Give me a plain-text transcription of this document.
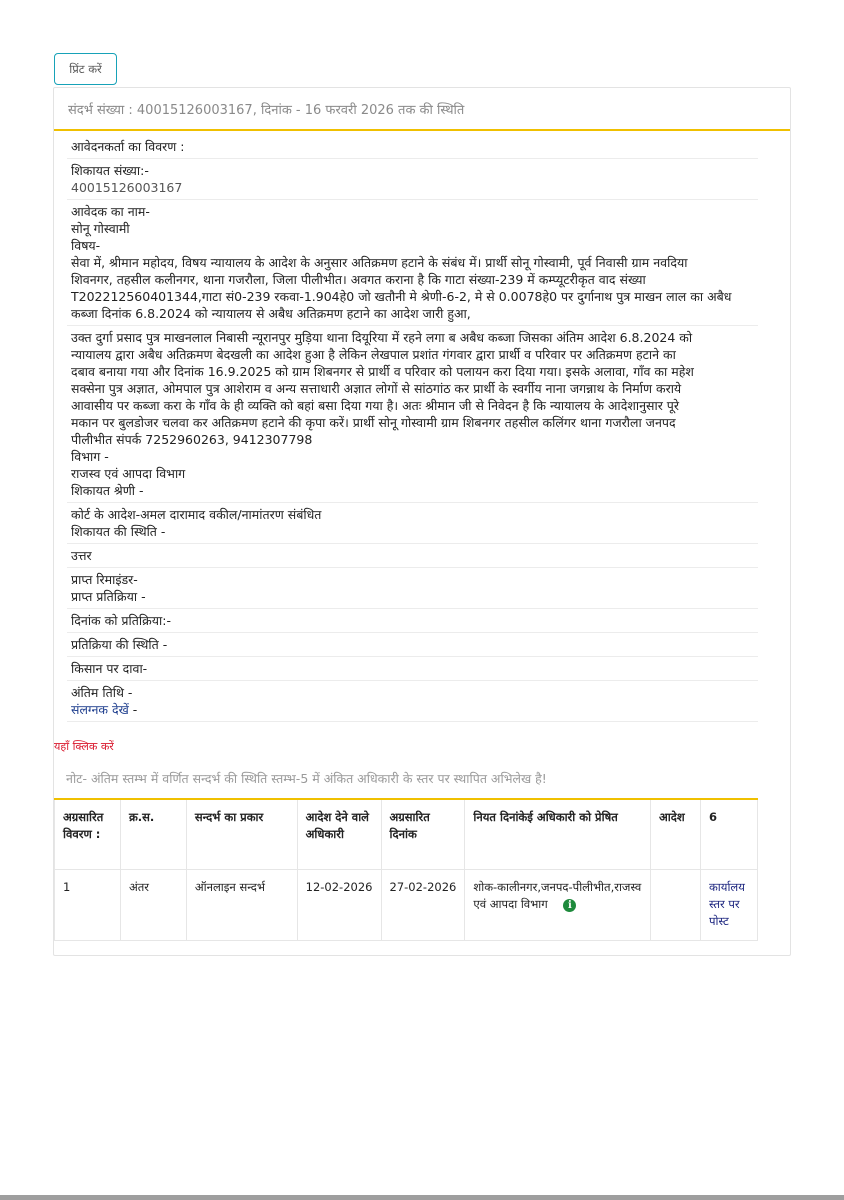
प्रिंट करें
संदर्भ संख्या : 40015126003167, दिनांक - 16 फरवरी 2026 तक की स्थिति
आवेदनकर्ता का विवरण :
शिकायत संख्या:-
40015126003167
आवेदक का नाम-
सोनू गोस्वामी
विषय-
सेवा में, श्रीमान महोदय, विषय न्यायालय के आदेश के अनुसार अतिक्रमण हटाने के संबंध में। प्रार्थी सोनू गोस्वामी, पूर्व निवासी ग्राम नवदिया
शिवनगर, तहसील कलीनगर, थाना गजरौला, जिला पीलीभीत। अवगत कराना है कि गाटा संख्या-239 में कम्प्यूटरीकृत वाद संख्या
T202212560401344,गाटा सं0-239 रकवा-1.904हे0 जो खतौनी मे श्रेणी-6-2, मे से 0.0078हे0 पर दुर्गानाथ पुत्र माखन लाल का अबैध
कब्जा दिनांक 6.8.2024 को न्यायालय से अबैध अतिक्रमण हटाने का आदेश जारी हुआ,
उक्त दुर्गा प्रसाद पुत्र माखनलाल निबासी न्यूरानपुर मुड़िया थाना दियूरिया में रहने लगा ब अबैध कब्जा जिसका अंतिम आदेश 6.8.2024 को
न्यायालय द्वारा अबैध अतिक्रमण बेदखली का आदेश हुआ है लेकिन लेखपाल प्रशांत गंगवार द्वारा प्रार्थी व परिवार पर अतिक्रमण हटाने का
दबाव बनाया गया और दिनांक 16.9.2025 को ग्राम शिबनगर से प्रार्थी व परिवार को पलायन करा दिया गया। इसके अलावा, गाँव का महेश
सक्सेना पुत्र अज्ञात, ओमपाल पुत्र आशेराम व अन्य सत्ताधारी अज्ञात लोगों से सांठगांठ कर प्रार्थी के स्वर्गीय नाना जगन्नाथ के निर्माण कराये
आवासीय पर कब्जा करा के गाँव के ही व्यक्ति को बहां बसा दिया गया है। अतः श्रीमान जी से निवेदन है कि न्यायालय के आदेशानुसार पूरे
मकान पर बुलडोजर चलवा कर अतिक्रमण हटाने की कृपा करें। प्रार्थी सोनू गोस्वामी ग्राम शिबनगर तहसील कलिंगर थाना गजरौला जनपद
पीलीभीत संपर्क 7252960263, 9412307798
विभाग -
राजस्व एवं आपदा विभाग
शिकायत श्रेणी -
कोर्ट के आदेश-अमल दारामाद वकील/नामांतरण संबंधित
शिकायत की स्थिति -
उत्तर
प्राप्त रिमाइंडर-
प्राप्त प्रतिक्रिया -
दिनांक को प्रतिक्रिया:-
प्रतिक्रिया की स्थिति -
किसान पर दावा-
अंतिम तिथि -
संलग्नक देखें -
यहाँ क्लिक करें
नोट- अंतिम स्तम्भ में वर्णित सन्दर्भ की स्थिति स्तम्भ-5 में अंकित अधिकारी के स्तर पर स्थापित अभिलेख है!
अग्रसारित विवरण :	क्र.स.	सन्दर्भ का प्रकार	आदेश देने वाले अधिकारी	अग्रसारित दिनांक	नियत दिनांकेई अधिकारी को प्रेषित	आदेश	6
1	अंतर	ऑनलाइन सन्दर्भ	12-02-2026	27-02-2026	शोक-कालीनगर,जनपद-पीलीभीत,राजस्व एवं आपदा विभाग i		कार्यालय स्तर पर पोस्ट
